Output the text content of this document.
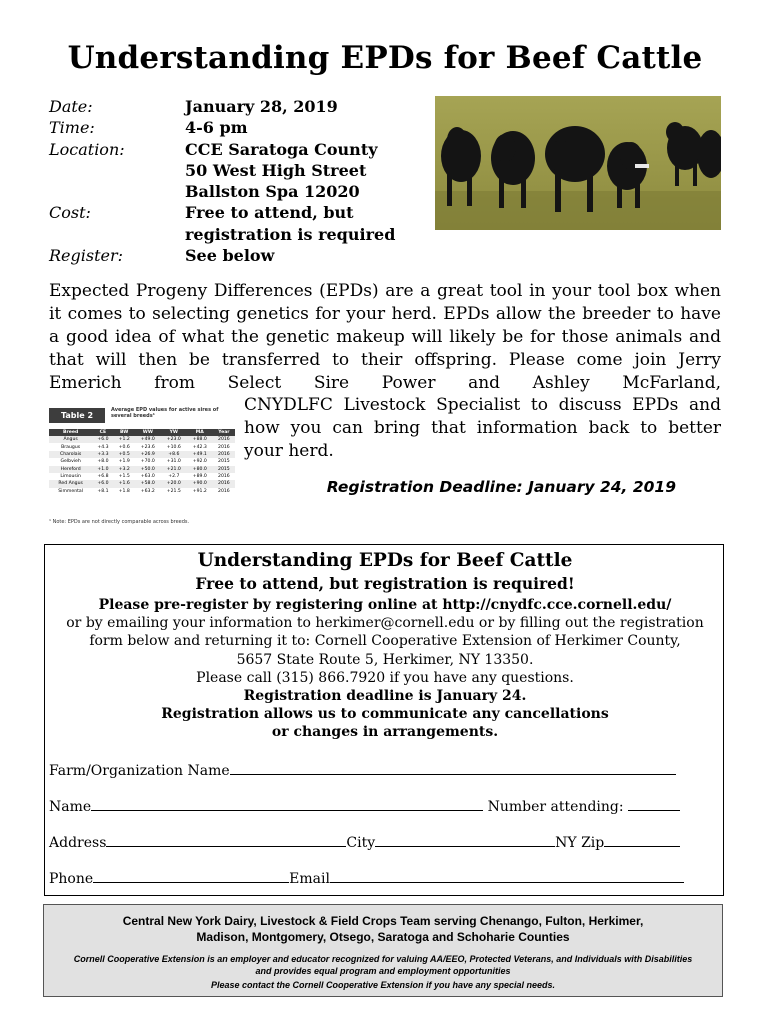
Understanding EPDs for Beef Cattle
Date:	January 28, 2019
Time:	4-6 pm
Location:	CCE Saratoga County
50 West High Street
Ballston Spa 12020
Cost:	Free to attend, but
registration is required
Register:	See below
Expected Progeny Differences (EPDs) are a great tool in your tool box when it comes to selecting genetics for your herd. EPDs allow the breeder to have a good idea of what the genetic makeup will likely be for those animals and that will then be transferred to their offspring. Please come join Jerry Emerich from Select Sire Power and Ashley McFarland,
CNYDLFC Livestock Specialist to discuss EPDs and how you can bring that information back to better your herd.
Registration Deadline: January 24, 2019
Table 2
Average EPD values for active sires of several breeds¹
Breed	CE	BW	WW	YW	MA	Year
Angus	+6.0	+1.2	+49.0	+23.0	+88.0	2016
Braugus	+4.3	+0.6	+23.6	+10.6	+42.3	2016
Charolais	+3.3	+0.5	+26.9	+8.6	+49.1	2016
Gelbvieh	+8.0	+1.9	+70.0	+31.0	+92.0	2015
Hereford	+1.0	+3.2	+50.0	+21.0	+80.0	2015
Limousin	+6.8	+1.5	+63.0	+2.7	+89.0	2016
Red Angus	+6.0	+1.6	+58.0	+20.0	+90.0	2016
Simmental	+8.1	+1.8	+63.2	+21.5	+91.2	2016
¹ Note: EPDs are not directly comparable across breeds.
Understanding EPDs for Beef Cattle
Free to attend, but registration is required!
Please pre-register by registering online at http://cnydfc.cce.cornell.edu/
or by emailing your information to herkimer@cornell.edu or by filling out the registration
form below and returning it to: Cornell Cooperative Extension of Herkimer County,
5657 State Route 5, Herkimer, NY 13350.
Please call (315) 866.7920 if you have any questions.
Registration deadline is January 24.
Registration allows us to communicate any cancellations
or changes in arrangements.
Farm/Organization Name
Name	Number attending:
Address	City	NY Zip
Phone	Email
Central New York Dairy, Livestock & Field Crops Team serving Chenango, Fulton, Herkimer, Madison, Montgomery, Otsego, Saratoga and Schoharie Counties
Cornell Cooperative Extension is an employer and educator recognized for valuing AA/EEO, Protected Veterans, and Individuals with Disabilities and provides equal program and employment opportunities
Please contact the Cornell Cooperative Extension if you have any special needs.
